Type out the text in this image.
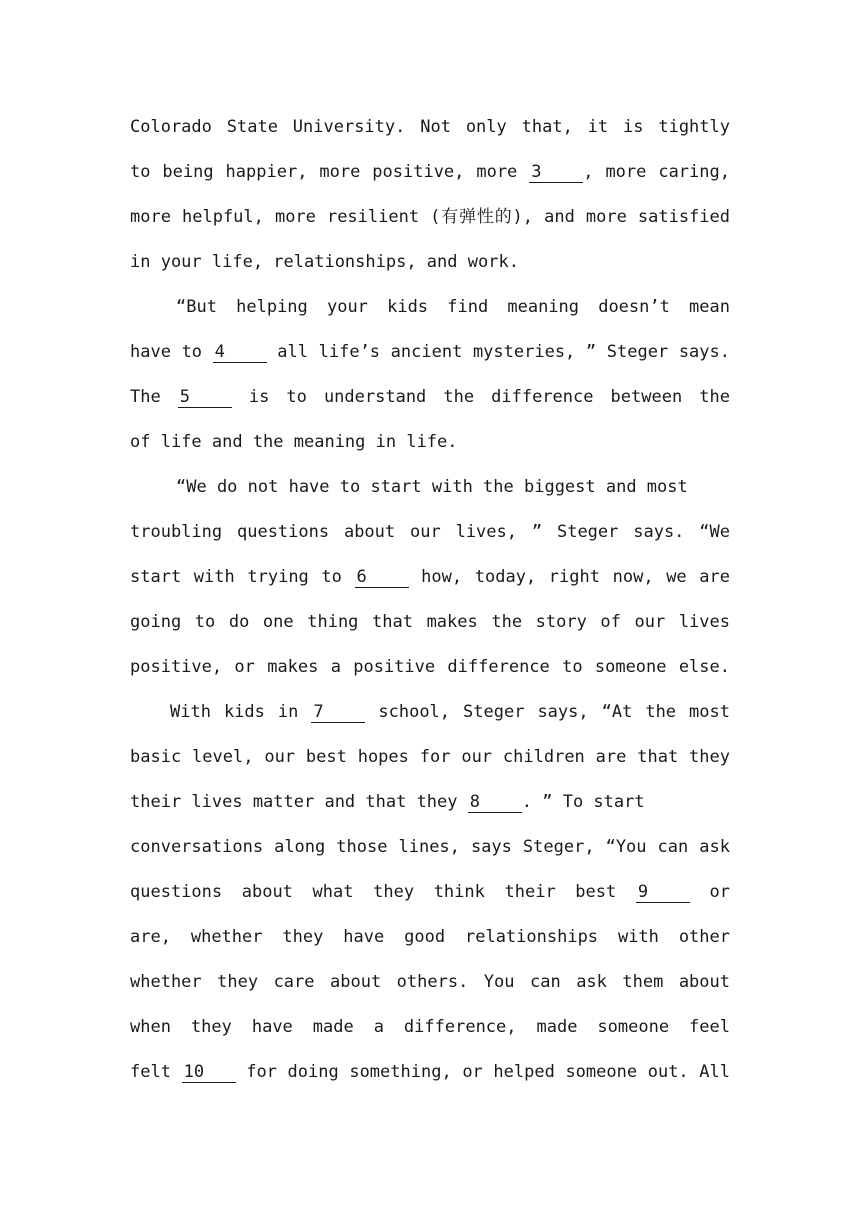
Colorado State University. Not only that, it is tightly
to being happier, more positive, more 3 , more caring,
more helpful, more resilient (有弹性的), and more satisfied
in your life, relationships, and work.
“But helping your kids find meaning doesn’t mean
have to 4 all life’s ancient mysteries, ” Steger says.
The 5	is to understand the difference between the
of life and the meaning in life.
“We do not have to start with the biggest and most
troubling questions about our lives, ” Steger says. “We
start with trying to 6 how, today, right now, we are
going to do one thing that makes the story of our lives
positive, or makes a positive difference to someone else.
With kids in 7 school, Steger says, “At the most
basic level, our best hopes for our children are that they
their lives matter and that they 8 . ” To start
conversations along those lines, says Steger, “You can ask
questions about what they think their best 9	or
are, whether they have good relationships with other
whether they care about others. You can ask them about
when they have made a difference, made someone feel
felt 10 for doing something, or helped someone out. All
